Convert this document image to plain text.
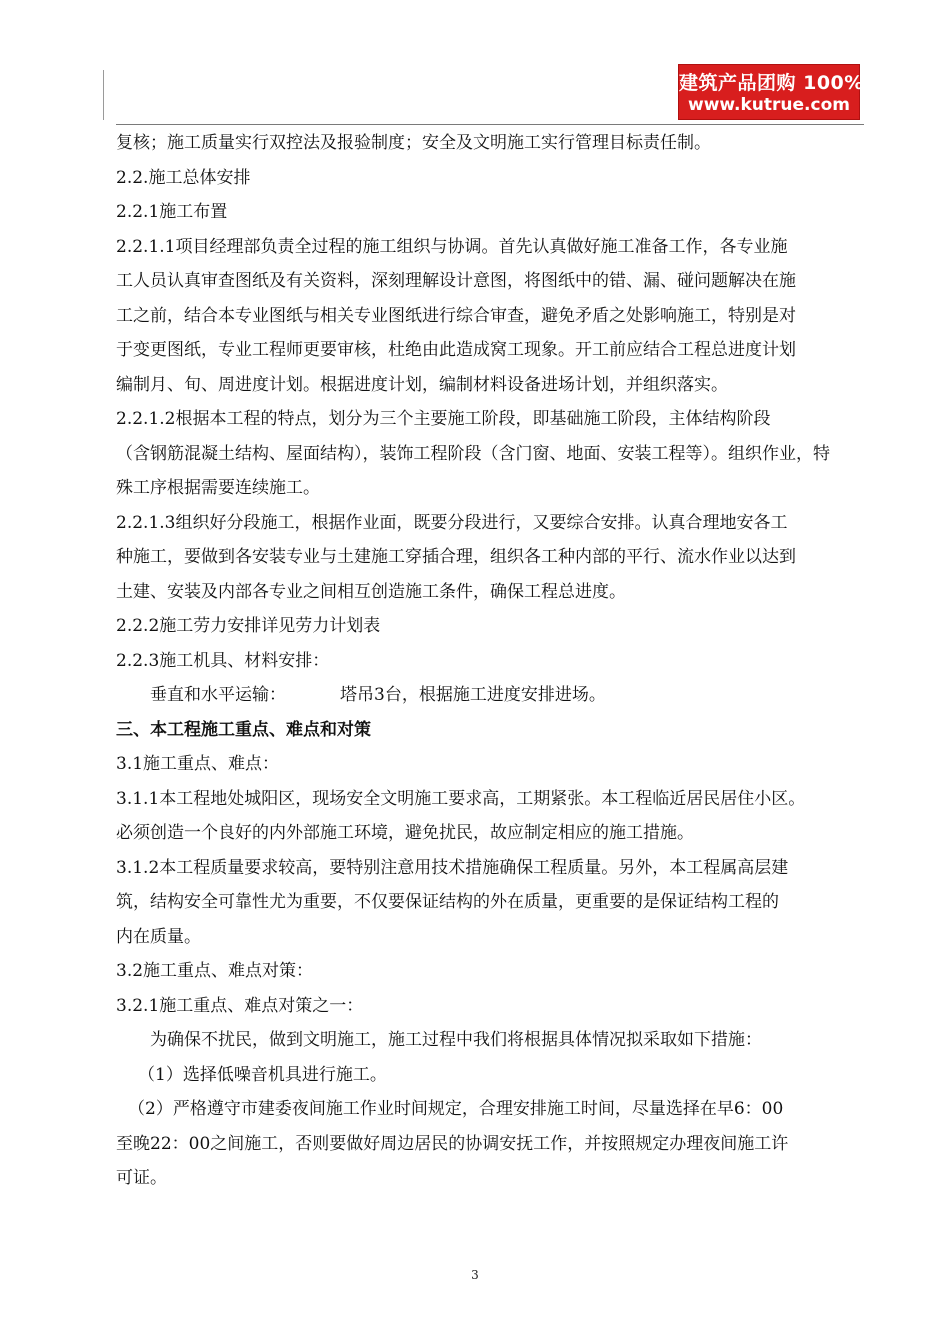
建筑产品团购 100%正品
www.kutrue.com
复核；施工质量实行双控法及报验制度；安全及文明施工实行管理目标责任制。
2.2.施工总体安排
2.2.1施工布置
2.2.1.1项目经理部负责全过程的施工组织与协调。首先认真做好施工准备工作，各专业施
工人员认真审查图纸及有关资料，深刻理解设计意图，将图纸中的错、漏、碰问题解决在施
工之前，结合本专业图纸与相关专业图纸进行综合审查，避免矛盾之处影响施工，特别是对
于变更图纸，专业工程师更要审核，杜绝由此造成窝工现象。开工前应结合工程总进度计划
编制月、旬、周进度计划。根据进度计划，编制材料设备进场计划，并组织落实。
2.2.1.2根据本工程的特点，划分为三个主要施工阶段，即基础施工阶段，主体结构阶段
（含钢筋混凝土结构、屋面结构），装饰工程阶段（含门窗、地面、安装工程等）。组织作业，特
殊工序根据需要连续施工。
2.2.1.3组织好分段施工，根据作业面，既要分段进行，又要综合安排。认真合理地安各工
种施工，要做到各安装专业与土建施工穿插合理，组织各工种内部的平行、流水作业以达到
土建、安装及内部各专业之间相互创造施工条件，确保工程总进度。
2.2.2施工劳力安排详见劳力计划表
2.2.3施工机具、材料安排：
垂直和水平运输：	塔吊3台，根据施工进度安排进场。
三、本工程施工重点、难点和对策
3.1施工重点、难点：
3.1.1本工程地处城阳区，现场安全文明施工要求高，工期紧张。本工程临近居民居住小区。
必须创造一个良好的内外部施工环境，避免扰民，故应制定相应的施工措施。
3.1.2本工程质量要求较高，要特别注意用技术措施确保工程质量。另外，本工程属高层建
筑，结构安全可靠性尤为重要，不仅要保证结构的外在质量，更重要的是保证结构工程的
内在质量。
3.2施工重点、难点对策：
3.2.1施工重点、难点对策之一：
为确保不扰民，做到文明施工，施工过程中我们将根据具体情况拟采取如下措施：
（1）选择低噪音机具进行施工。
（2）严格遵守市建委夜间施工作业时间规定，合理安排施工时间，尽量选择在早6：00
至晚22：00之间施工，否则要做好周边居民的协调安抚工作，并按照规定办理夜间施工许
可证。
3
